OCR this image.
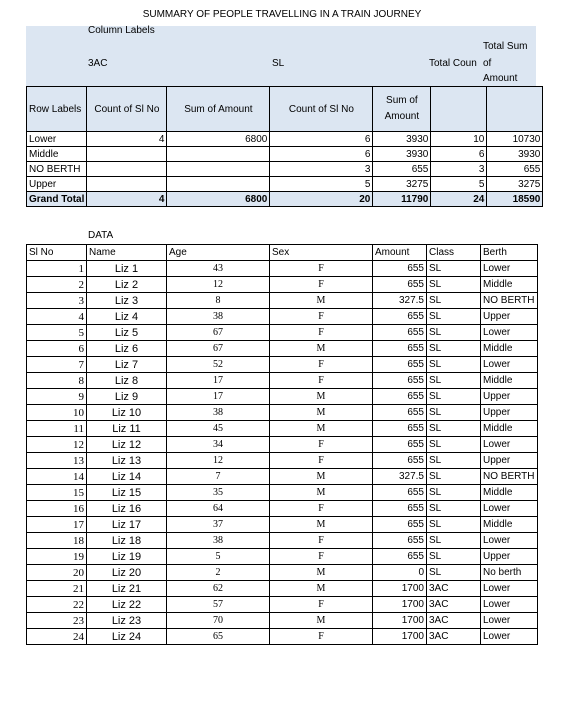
SUMMARY OF PEOPLE TRAVELLING IN A TRAIN JOURNEY
Column Labels
3AC	SL	Total Coun
Total Sum
of
Amount
Row Labels	Count of Sl No	Sum of Amount	Count of Sl No	Sum of Amount		
Lower	4	6800	6	3930	10	10730
Middle			6	3930	6	3930
NO BERTH			3	655	3	655
Upper			5	3275	5	3275
Grand Total	4	6800	20	11790	24	18590
DATA
Sl No	Name	Age	Sex	Amount	Class	Berth
1	Liz 1	43	F	655	SL	Lower
2	Liz 2	12	F	655	SL	Middle
3	Liz 3	8	M	327.5	SL	NO BERTH
4	Liz 4	38	F	655	SL	Upper
5	Liz 5	67	F	655	SL	Lower
6	Liz 6	67	M	655	SL	Middle
7	Liz 7	52	F	655	SL	Lower
8	Liz 8	17	F	655	SL	Middle
9	Liz 9	17	M	655	SL	Upper
10	Liz 10	38	M	655	SL	Upper
11	Liz 11	45	M	655	SL	Middle
12	Liz 12	34	F	655	SL	Lower
13	Liz 13	12	F	655	SL	Upper
14	Liz 14	7	M	327.5	SL	NO BERTH
15	Liz 15	35	M	655	SL	Middle
16	Liz 16	64	F	655	SL	Lower
17	Liz 17	37	M	655	SL	Middle
18	Liz 18	38	F	655	SL	Lower
19	Liz 19	5	F	655	SL	Upper
20	Liz 20	2	M	0	SL	No berth
21	Liz 21	62	M	1700	3AC	Lower
22	Liz 22	57	F	1700	3AC	Lower
23	Liz 23	70	M	1700	3AC	Lower
24	Liz 24	65	F	1700	3AC	Lower
